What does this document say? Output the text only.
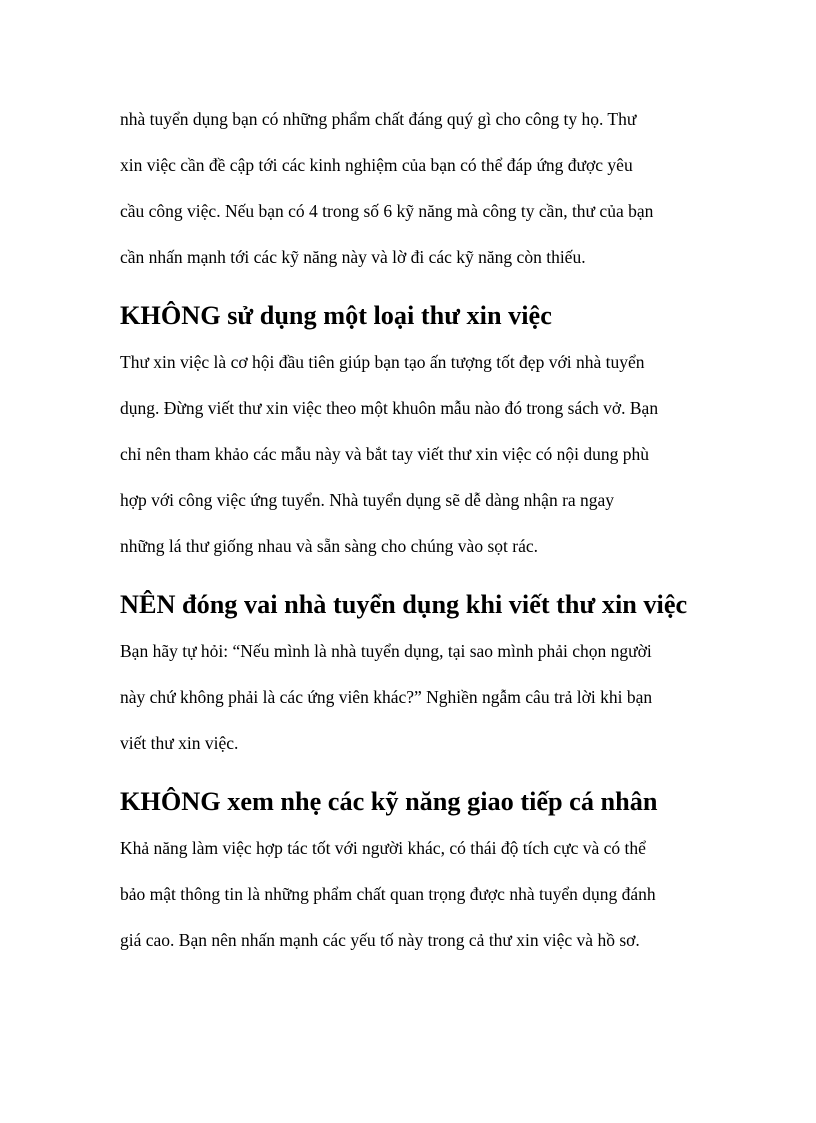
nhà tuyển dụng bạn có những phẩm chất đáng quý gì cho công ty họ. Thư
xin việc cần đề cập tới các kinh nghiệm của bạn có thể đáp ứng được yêu
cầu công việc. Nếu bạn có 4 trong số 6 kỹ năng mà công ty cần, thư của bạn
cần nhấn mạnh tới các kỹ năng này và lờ đi các kỹ năng còn thiếu.

KHÔNG sử dụng một loại thư xin việc

Thư xin việc là cơ hội đầu tiên giúp bạn tạo ấn tượng tốt đẹp với nhà tuyển
dụng. Đừng viết thư xin việc theo một khuôn mẫu nào đó trong sách vở. Bạn
chỉ nên tham khảo các mẫu này và bắt tay viết thư xin việc có nội dung phù
hợp với công việc ứng tuyển. Nhà tuyển dụng sẽ dễ dàng nhận ra ngay
những lá thư giống nhau và sẵn sàng cho chúng vào sọt rác.

NÊN đóng vai nhà tuyển dụng khi viết thư xin việc

Bạn hãy tự hỏi: “Nếu mình là nhà tuyển dụng, tại sao mình phải chọn người
này chứ không phải là các ứng viên khác?” Nghiền ngẫm câu trả lời khi bạn
viết thư xin việc.

KHÔNG xem nhẹ các kỹ năng giao tiếp cá nhân

Khả năng làm việc hợp tác tốt với người khác, có thái độ tích cực và có thể
bảo mật thông tin là những phẩm chất quan trọng được nhà tuyển dụng đánh
giá cao. Bạn nên nhấn mạnh các yếu tố này trong cả thư xin việc và hồ sơ.
